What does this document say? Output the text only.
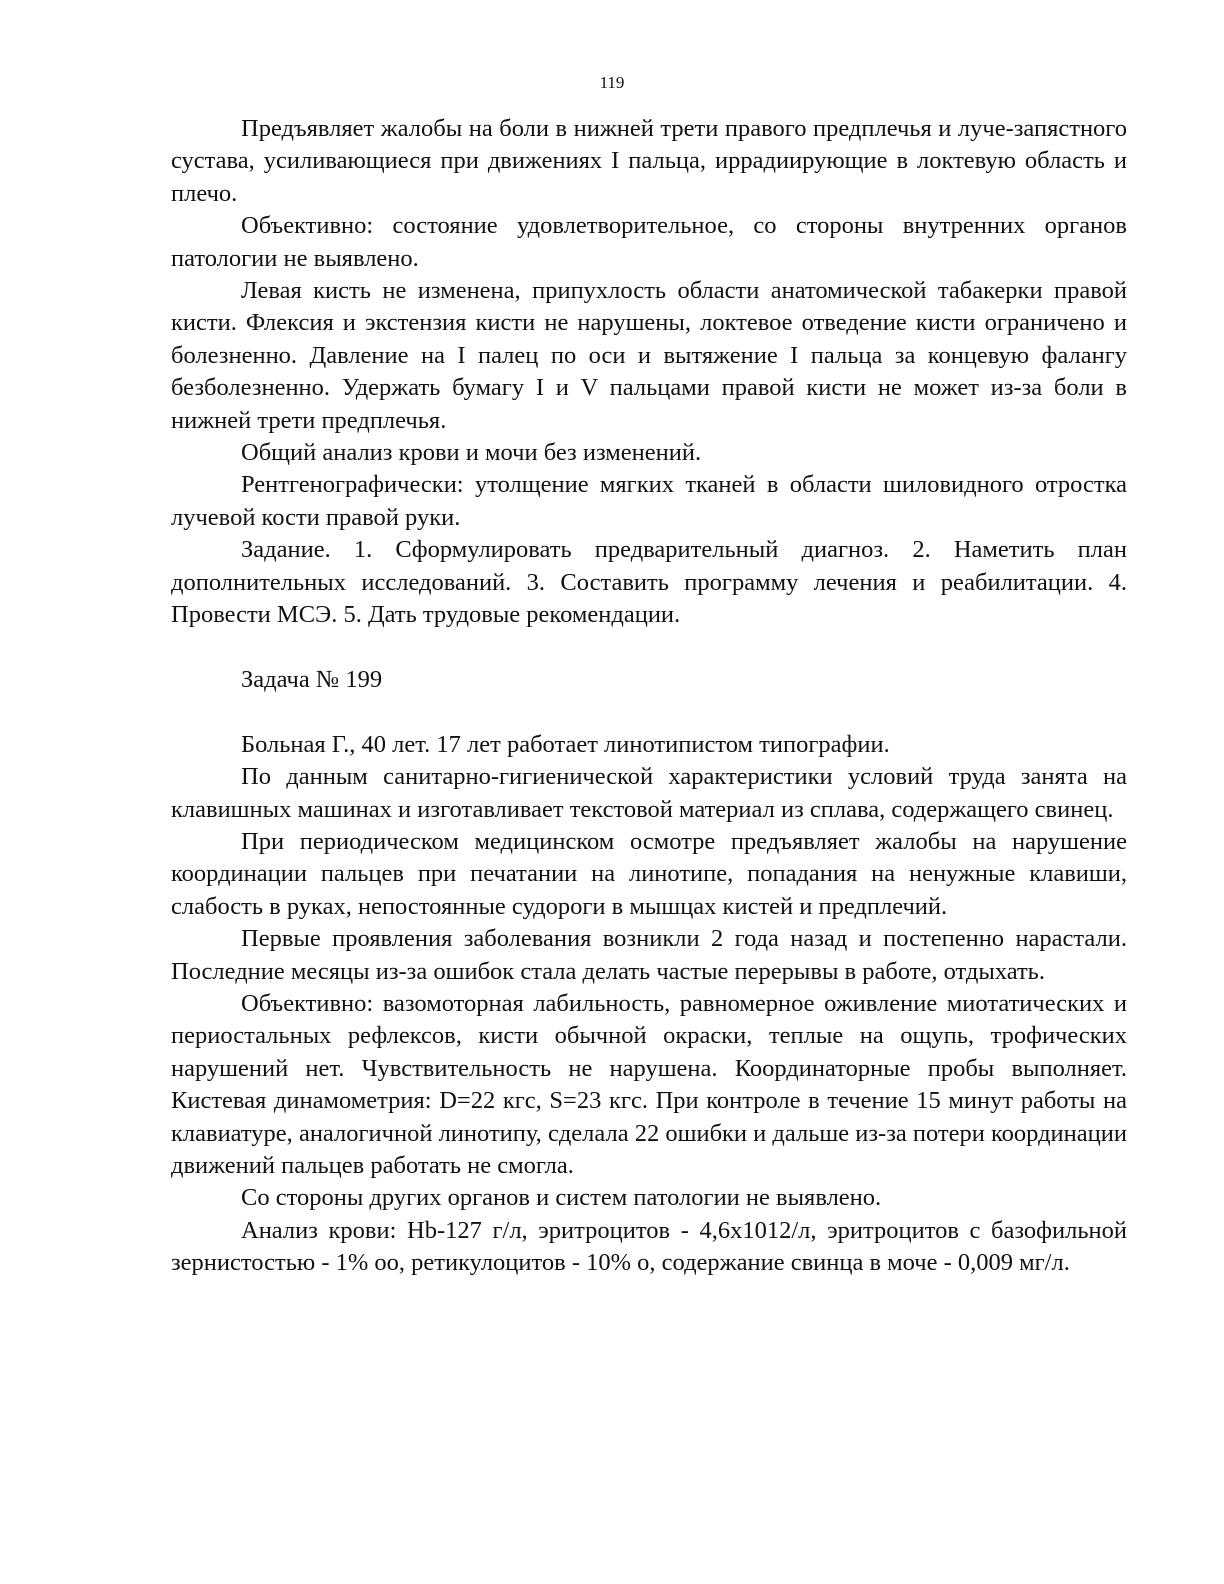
119

Предъявляет жалобы на боли в нижней трети правого предплечья и луче-запястного сустава, усиливающиеся при движениях I пальца, иррадиирующие в локтевую область и плечо.

Объективно: состояние удовлетворительное, со стороны внутренних органов патологии не выявлено.

Левая кисть не изменена, припухлость области анатомической табакерки правой кисти. Флексия и экстензия кисти не нарушены, локтевое отведение кисти ограничено и болезненно. Давление на I палец по оси и вытяжение I пальца за концевую фалангу безболезненно. Удержать бумагу I и V пальцами правой кисти не может из-за боли в нижней трети предплечья.

Общий анализ крови и мочи без изменений.

Рентгенографически: утолщение мягких тканей в области шиловидного отростка лучевой кости правой руки.

Задание. 1. Сформулировать предварительный диагноз. 2. Наметить план дополнительных исследований. 3. Составить программу лечения и реабилитации. 4. Провести МСЭ. 5. Дать трудовые рекомендации.

Задача № 199

Больная Г., 40 лет. 17 лет работает линотипистом типографии.

По данным санитарно-гигиенической характеристики условий труда занята на клавишных машинах и изготавливает текстовой материал из сплава, содержащего свинец.

При периодическом медицинском осмотре предъявляет жалобы на нарушение координации пальцев при печатании на линотипе, попадания на ненужные клавиши, слабость в руках, непостоянные судороги в мышцах кистей и предплечий.

Первые проявления заболевания возникли 2 года назад и постепенно нарастали. Последние месяцы из-за ошибок стала делать частые перерывы в работе, отдыхать.

Объективно: вазомоторная лабильность, равномерное оживление миотатических и периостальных рефлексов, кисти обычной окраски, теплые на ощупь, трофических нарушений нет. Чувствительность не нарушена. Координаторные пробы выполняет. Кистевая динамометрия: D=22 кгс, S=23 кгс. При контроле в течение 15 минут работы на клавиатуре, аналогичной линотипу, сделала 22 ошибки и дальше из-за потери координации движений пальцев работать не смогла.

Со стороны других органов и систем патологии не выявлено.

Анализ крови: Hb-127 г/л, эритроцитов - 4,6х1012/л, эритроцитов с базофильной зернистостью - 1% оо, ретикулоцитов - 10% о, содержание свинца в моче - 0,009 мг/л.
